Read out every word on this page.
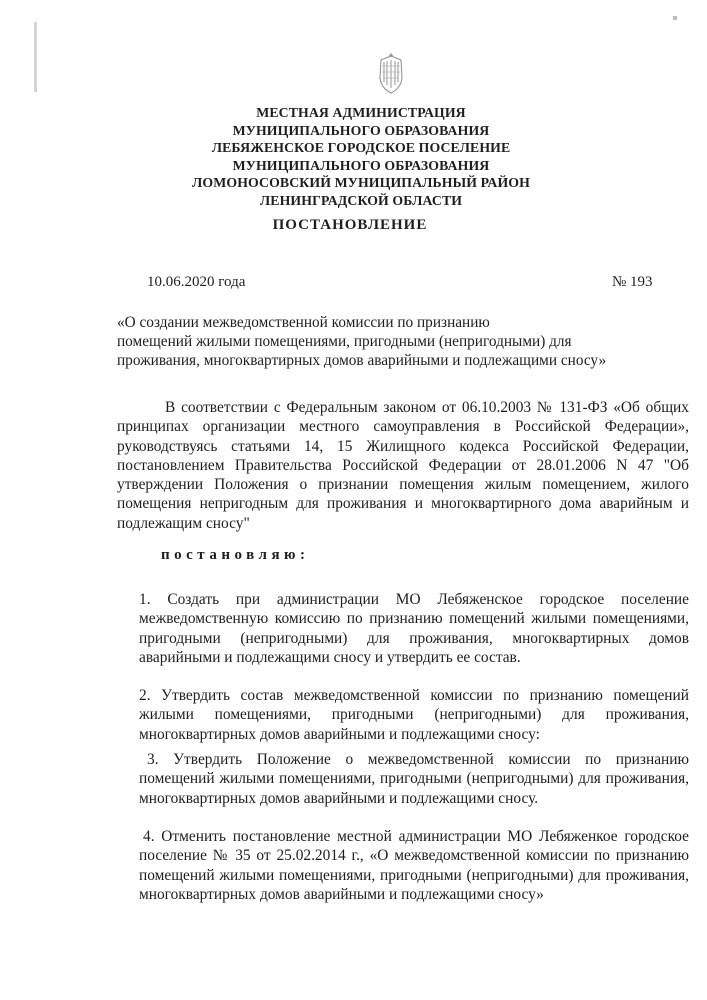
МЕСТНАЯ АДМИНИСТРАЦИЯ
МУНИЦИПАЛЬНОГО ОБРАЗОВАНИЯ
ЛЕБЯЖЕНСКОЕ ГОРОДСКОЕ ПОСЕЛЕНИЕ
МУНИЦИПАЛЬНОГО ОБРАЗОВАНИЯ
ЛОМОНОСОВСКИЙ МУНИЦИПАЛЬНЫЙ РАЙОН
ЛЕНИНГРАДСКОЙ ОБЛАСТИ
ПОСТАНОВЛЕНИЕ
10.06.2020 года	№ 193
«О создании межведомственной комиссии по признанию
помещений жилыми помещениями, пригодными (непригодными) для
проживания, многоквартирных домов аварийными и подлежащими сносу»
В соответствии с Федеральным законом от 06.10.2003 № 131-ФЗ «Об общих принципах организации местного самоуправления в Российской Федерации», руководствуясь статьями 14, 15 Жилищного кодекса Российской Федерации, постановлением Правительства Российской Федерации от 28.01.2006 N 47 "Об утверждении Положения о признании помещения жилым помещением, жилого помещения непригодным для проживания и многоквартирного дома аварийным и подлежащим сносу"
постановляю:
1. Создать при администрации МО Лебяженское городское поселение межведомственную комиссию по признанию помещений жилыми помещениями, пригодными (непригодными) для проживания, многоквартирных домов аварийными и подлежащими сносу и утвердить ее состав.
2. Утвердить состав межведомственной комиссии по признанию помещений жилыми помещениями, пригодными (непригодными) для проживания, многоквартирных домов аварийными и подлежащими сносу:
3. Утвердить Положение о межведомственной комиссии по признанию помещений жилыми помещениями, пригодными (непригодными) для проживания, многоквартирных домов аварийными и подлежащими сносу.
4. Отменить постановление местной администрации МО Лебяженкое городское поселение № 35 от 25.02.2014 г., «О межведомственной комиссии по признанию помещений жилыми помещениями, пригодными (непригодными) для проживания, многоквартирных домов аварийными и подлежащими сносу»
